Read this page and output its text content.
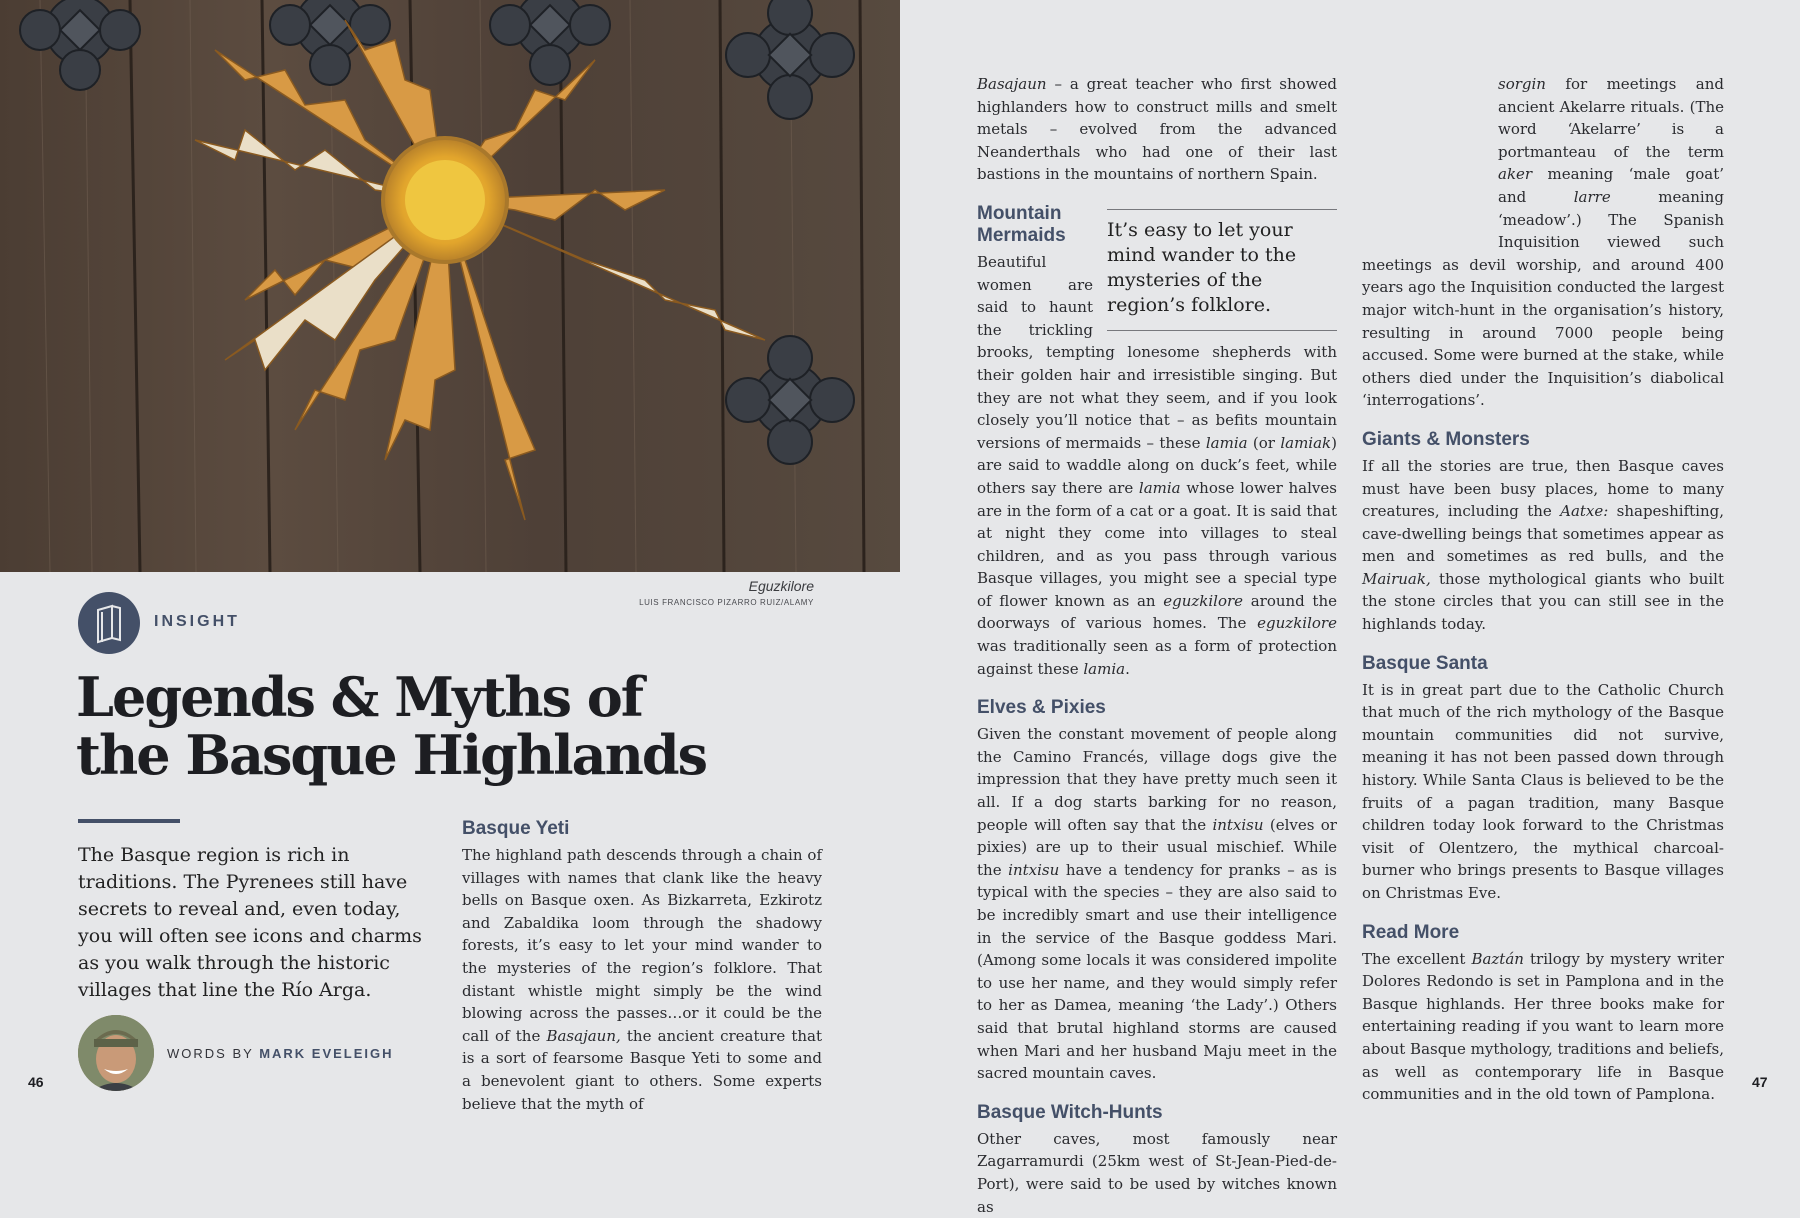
Eguzkilore
LUIS FRANCISCO PIZARRO RUIZ/ALAMY
INSIGHT
Legends & Myths of the Basque Highlands

The Basque region is rich in traditions. The Pyrenees still have secrets to reveal and, even today, you will often see icons and charms as you walk through the historic villages that line the Río Arga.

WORDS BY MARK EVELEIGH
46	47
Basque Yeti

The highland path descends through a chain of villages with names that clank like the heavy bells on Basque oxen. As Bizkarreta, Ezkirotz and Zabaldika loom through the shadowy forests, it’s easy to let your mind wander to the mysteries of the region’s folklore. That distant whistle might simply be the wind blowing across the passes…or it could be the call of the Basajaun, the ancient creature that is a sort of fearsome Basque Yeti to some and a benevolent giant to others. Some experts believe that the myth of

Basajaun – a great teacher who first showed highlanders how to construct mills and smelt metals – evolved from the advanced Neanderthals who had one of their last bastions in the mountains of northern Spain.

It’s easy to let your mind wander to the mysteries of the region’s folklore.
Mountain Mermaids

Beautiful women are said to haunt the trickling brooks, tempting lonesome shepherds with their golden hair and irresistible singing. But they are not what they seem, and if you look closely you’ll notice that – as befits mountain versions of mermaids – these lamia (or lamiak) are said to waddle along on duck’s feet, while others say there are lamia whose lower halves are in the form of a cat or a goat. It is said that at night they come into villages to steal children, and as you pass through various Basque villages, you might see a special type of flower known as an eguzkilore around the doorways of various homes. The eguzkilore was traditionally seen as a form of protection against these lamia.

Elves & Pixies

Given the constant movement of people along the Camino Francés, village dogs give the impression that they have pretty much seen it all. If a dog starts barking for no reason, people will often say that the intxisu (elves or pixies) are up to their usual mischief. While the intxisu have a tendency for pranks – as is typical with the species – they are also said to be incredibly smart and use their intelligence in the service of the Basque goddess Mari. (Among some locals it was considered impolite to use her name, and they would simply refer to her as Damea, meaning ‘the Lady’.) Others said that brutal highland storms are caused when Mari and her husband Maju meet in the sacred mountain caves.

Basque Witch-Hunts

Other caves, most famously near Zagarramurdi (25km west of St-Jean-Pied-de-Port), were said to be used by witches known as

sorgin for meetings and ancient Akelarre rituals. (The word ‘Akelarre’ is a portmanteau of the term aker meaning ‘male goat’ and	larre	meaning ‘meadow’.) The Spanish Inquisition viewed such meetings as devil worship, and around 400 years ago the Inquisition conducted the largest major witch-hunt in the organisation’s history, resulting in around 7000 people being accused. Some were burned at the stake, while others died under the Inquisition’s diabolical ‘interrogations’.

Giants & Monsters

If all the stories are true, then Basque caves must have been busy places, home to many creatures, including the Aatxe: shapeshifting, cave-dwelling beings that sometimes appear as men and sometimes as red bulls, and the Mairuak, those mythological giants who built the stone circles that you can still see in the highlands today.

Basque Santa

It is in great part due to the Catholic Church that much of the rich mythology of the Basque mountain communities did not survive, meaning it has not been passed down through history. While Santa Claus is believed to be the fruits of a pagan tradition, many Basque children today look forward to the Christmas visit of Olentzero, the mythical charcoal-burner who brings presents to Basque villages on Christmas Eve.

Read More

The excellent Baztán trilogy by mystery writer Dolores Redondo is set in Pamplona and in the Basque highlands. Her three books make for entertaining reading if you want to learn more about Basque mythology, traditions and beliefs, as well as contemporary life in Basque communities and in the old town of Pamplona.
